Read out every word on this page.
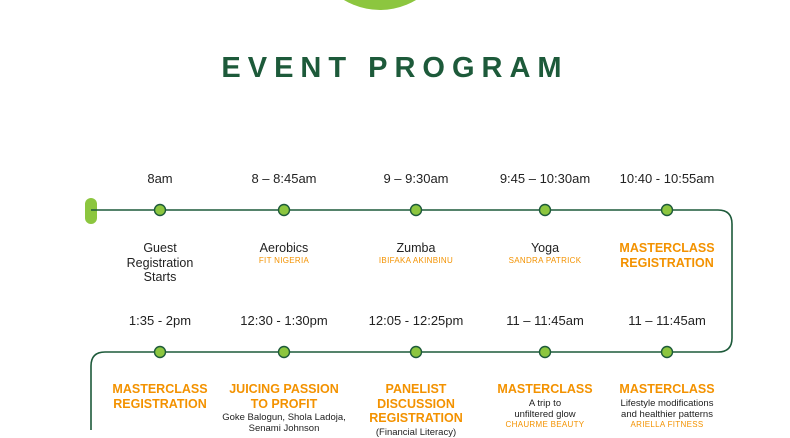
EVENT PROGRAM
8am
Guest
Registration
Starts
8 – 8:45am
Aerobics
FIT NIGERIA
9 – 9:30am
Zumba
IBIFAKA AKINBINU
9:45 – 10:30am
Yoga
SANDRA PATRICK
10:40 - 10:55am
MASTERCLASS
REGISTRATION
1:35 - 2pm
MASTERCLASS
REGISTRATION
12:30 - 1:30pm
JUICING PASSION
TO PROFIT
Goke Balogun, Shola Ladoja,
Senami Johnson
12:05 - 12:25pm
PANELIST
DISCUSSION
REGISTRATION
(Financial Literacy)
11 – 11:45am
MASTERCLASS
A trip to
unfiltered glow
CHAURME BEAUTY
11 – 11:45am
MASTERCLASS
Lifestyle modifications
and healthier patterns
ARIELLA FITNESS
